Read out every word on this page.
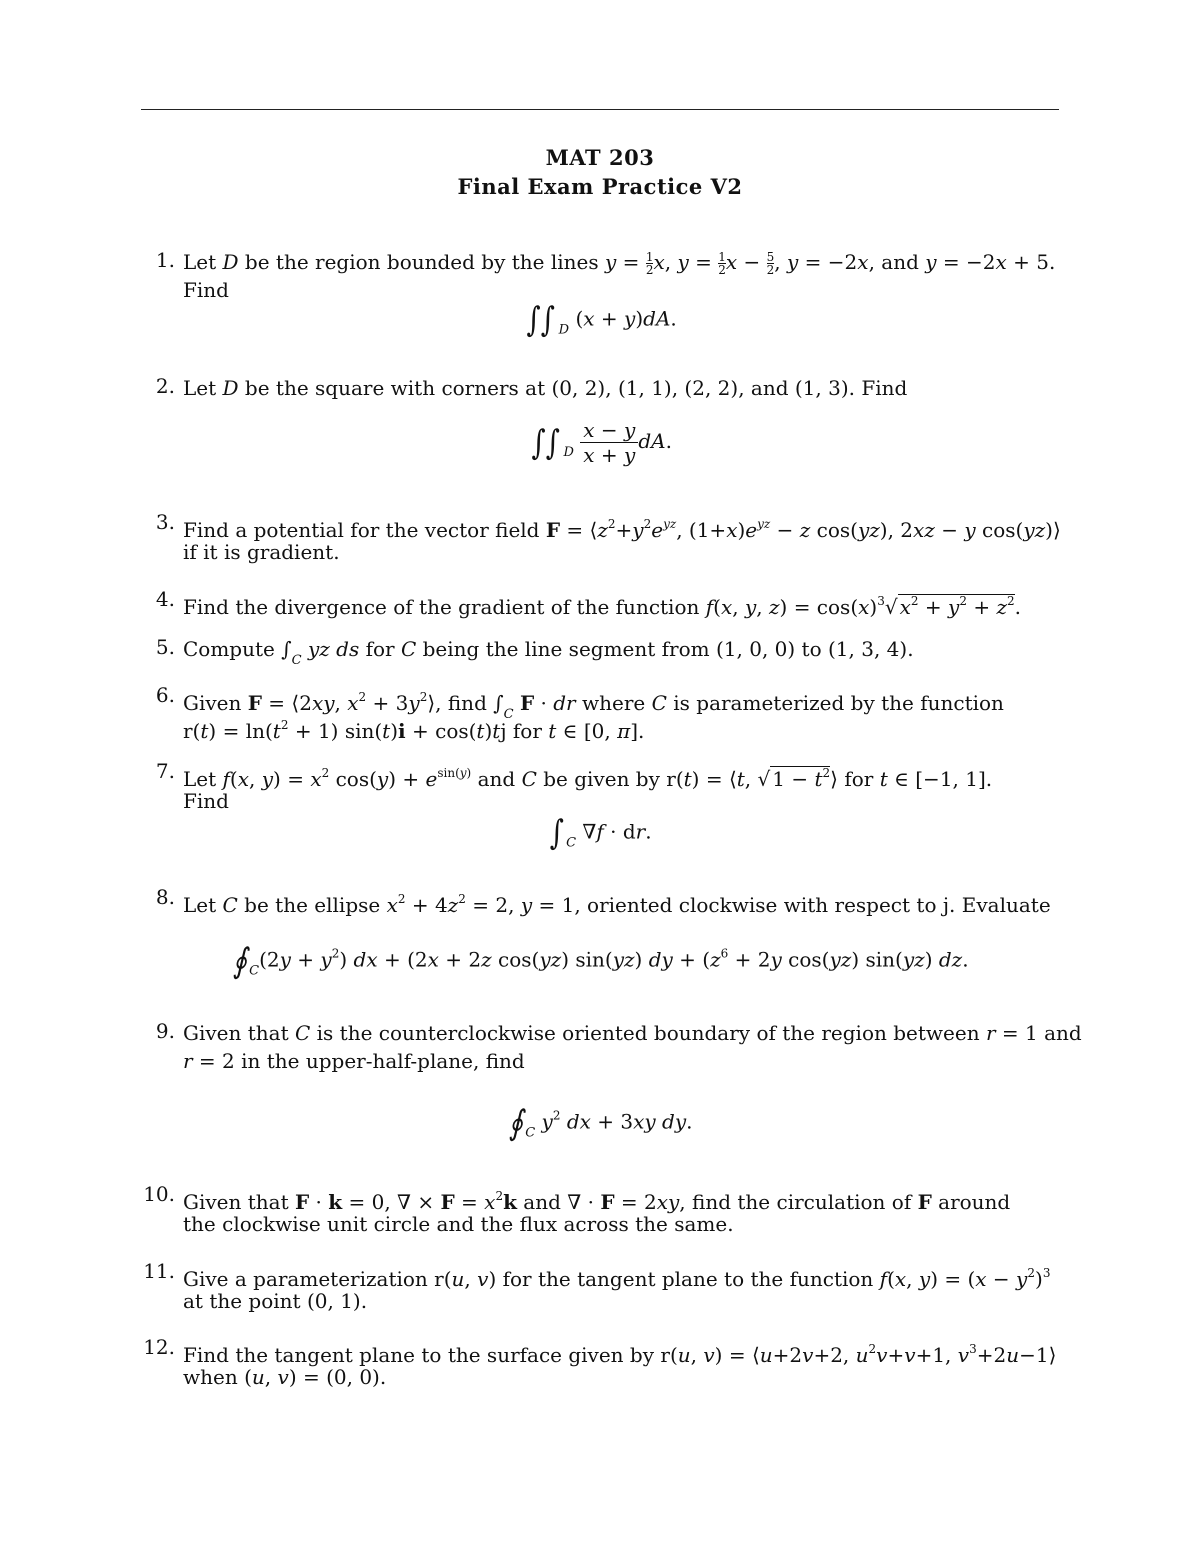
MAT 203
Final Exam Practice V2
1. Let D be the region bounded by the lines $y = \frac{1}{2} x$, $y = \frac{1}{2}$ $x - \frac{5}{2}$ , y = −2x, and y = −2x + 5.
Find
∫∫ $_D$ (x + y)dA.
2. Let D be the square with corners at (0, 2), (1, 1), (2, 2), and (1, 3). Find
∫∫ $_D \frac{x - y}{x + y}$ dA.
3. Find a potential for the vector field $F = ⟨z^2+y^2e^{yz}$, $(1+x)e^{yz} - z$ cos(yz), 2xz − y cos(yz)⟩
if it is gradient.
4. Find the divergence of the gradient of the function f(x, y, $z) = \cos(x)^3√$ $x^2 + y^2 + z^2$.
5. Compute $\int_C$ yz ds for C being the line segment from (1, 0, 0) to (1, 3, 4).
6. Given F = ⟨2xy, $x^2$ + $3y^2⟩$, find $\int_C$ F · dr where C is parameterized by the function
$r(t) = \ln(t^2 + 1) \sin(t)i + \cos(t)tj$ for t ∈ [0, π].
7. Let f(x, $y) = x^2$ $\cos(y) + e^{sin(y)}$ and C be given by r(t) = ⟨t, √ $1 - t^2⟩$ for t ∈ [−1, 1].
Find
∫ $_C$ ∇f · dr.
8. Let C be the ellipse $x^2 + 4z^2 = 2$, y = 1, oriented clockwise with respect to j. Evaluate
∮ $_C(2y + y^2)$ dx + (2x + 2z cos(yz) sin(yz) dy + ($z^6 + 2y$ cos(yz) sin(yz) dz.
9. Given that C is the counterclockwise oriented boundary of the region between r = 1 and
r = 2 in the upper-half-plane, find
∮ $_C$ $y^2$ dx + 3xy dy.
10. Given that F · k = 0, ∇ × $F = x^2k$ and ∇ · F = 2xy, find the circulation of F around
the clockwise unit circle and the flux across the same.
11. Give a parameterization r(u, v) for the tangent plane to the function f(x, $y) = (x - y^2)^3$
at the point (0, 1).
12. Find the tangent plane to the surface given by r(u, v) = ⟨u+2v+2, $u^2v+v+1$, $v^3+2u-1⟩$
when (u, v) = (0, 0).
